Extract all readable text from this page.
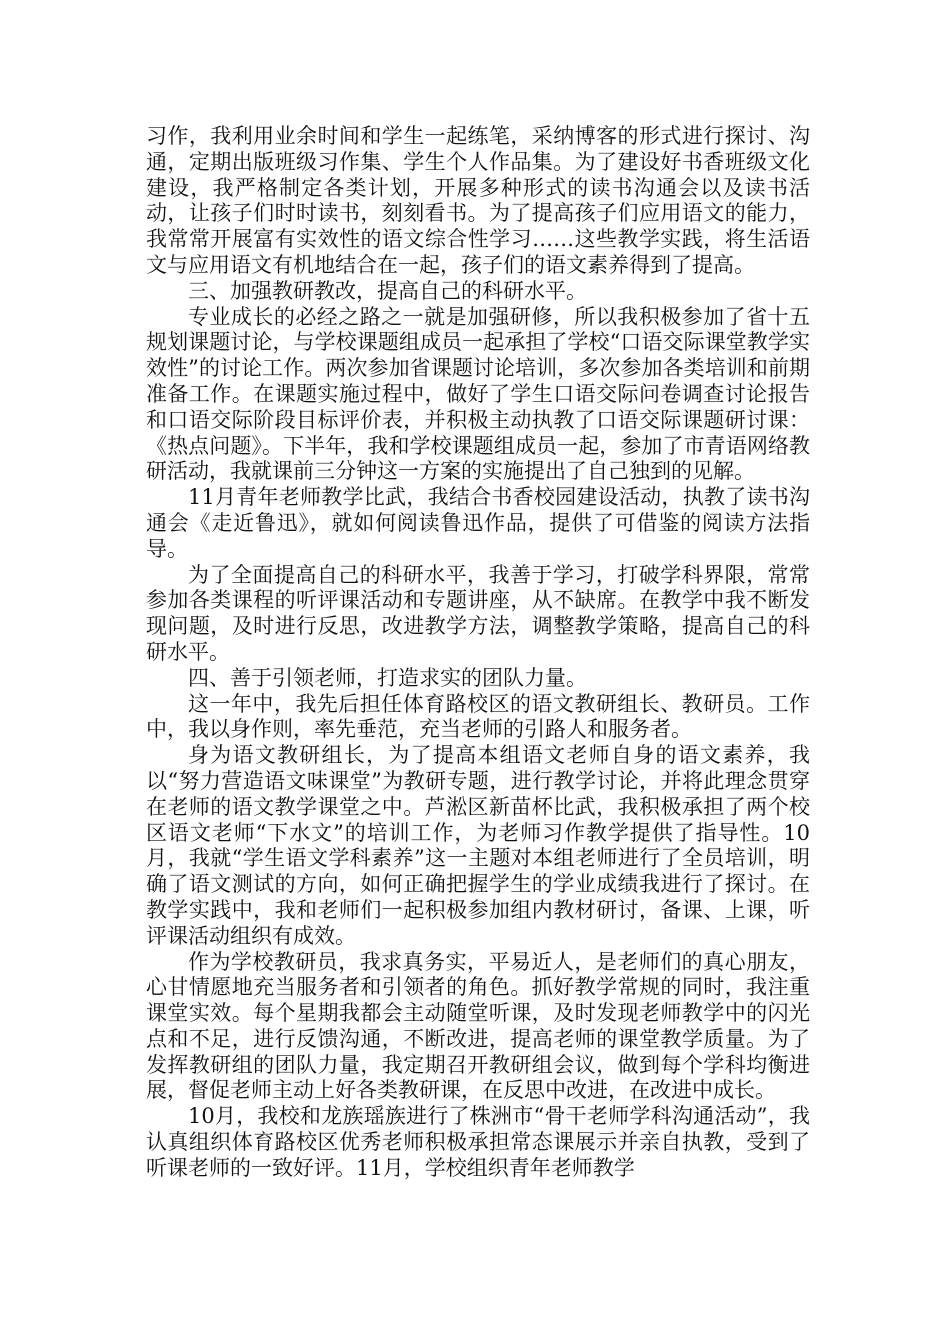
习作，我利用业余时间和学生一起练笔，采纳博客的形式进行探讨、沟通，定期出版班级习作集、学生个人作品集。为了建设好书香班级文化建设，我严格制定各类计划，开展多种形式的读书沟通会以及读书活动，让孩子们时时读书，刻刻看书。为了提高孩子们应用语文的能力，我常常开展富有实效性的语文综合性学习……这些教学实践，将生活语文与应用语文有机地结合在一起，孩子们的语文素养得到了提高。

三、加强教研教改，提高自己的科研水平。

专业成长的必经之路之一就是加强研修，所以我积极参加了省十五规划课题讨论，与学校课题组成员一起承担了学校“口语交际课堂教学实效性”的讨论工作。两次参加省课题讨论培训，多次参加各类培训和前期准备工作。在课题实施过程中，做好了学生口语交际问卷调查讨论报告和口语交际阶段目标评价表，并积极主动执教了口语交际课题研讨课：《热点问题》。下半年，我和学校课题组成员一起，参加了市青语网络教研活动，我就课前三分钟这一方案的实施提出了自己独到的见解。

11月青年老师教学比武，我结合书香校园建设活动，执教了读书沟通会《走近鲁迅》，就如何阅读鲁迅作品，提供了可借鉴的阅读方法指导。

为了全面提高自己的科研水平，我善于学习，打破学科界限，常常参加各类课程的听评课活动和专题讲座，从不缺席。在教学中我不断发现问题，及时进行反思，改进教学方法，调整教学策略，提高自己的科研水平。

四、善于引领老师，打造求实的团队力量。

这一年中，我先后担任体育路校区的语文教研组长、教研员。工作中，我以身作则，率先垂范，充当老师的引路人和服务者。

身为语文教研组长，为了提高本组语文老师自身的语文素养，我以“努力营造语文味课堂”为教研专题，进行教学讨论，并将此理念贯穿在老师的语文教学课堂之中。芦淞区新苗杯比武，我积极承担了两个校区语文老师“下水文”的培训工作，为老师习作教学提供了指导性。10月，我就“学生语文学科素养”这一主题对本组老师进行了全员培训，明确了语文测试的方向，如何正确把握学生的学业成绩我进行了探讨。在教学实践中，我和老师们一起积极参加组内教材研讨，备课、上课，听评课活动组织有成效。

作为学校教研员，我求真务实，平易近人，是老师们的真心朋友，心甘情愿地充当服务者和引领者的角色。抓好教学常规的同时，我注重课堂实效。每个星期我都会主动随堂听课，及时发现老师教学中的闪光点和不足，进行反馈沟通，不断改进，提高老师的课堂教学质量。为了发挥教研组的团队力量，我定期召开教研组会议，做到每个学科均衡进展，督促老师主动上好各类教研课，在反思中改进，在改进中成长。

10月，我校和龙族瑶族进行了株洲市“骨干老师学科沟通活动”，我认真组织体育路校区优秀老师积极承担常态课展示并亲自执教，受到了听课老师的一致好评。11月，学校组织青年老师教学
